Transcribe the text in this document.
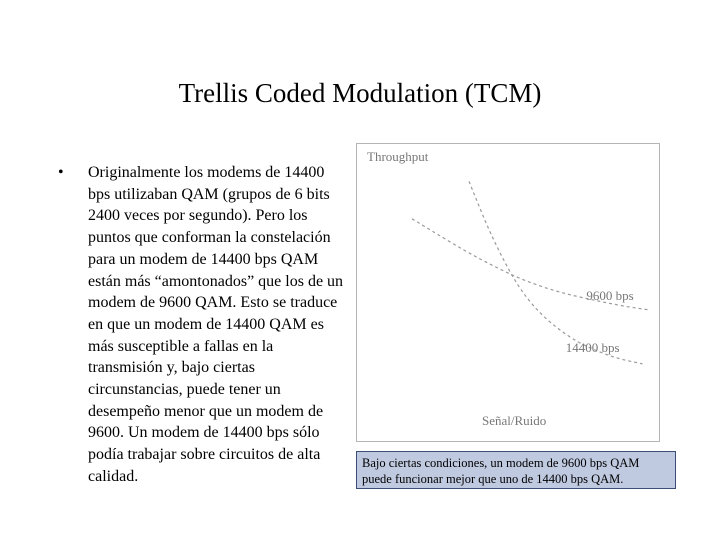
Trellis Coded Modulation (TCM)
•	Originalmente los modems de 14400 bps utilizaban QAM (grupos de 6 bits 2400 veces por segundo). Pero los puntos que conforman la constelación para un modem de 14400 bps QAM están más “amontonados” que los de un modem de 9600 QAM. Esto se traduce en que un modem de 14400 QAM es más susceptible a fallas en la transmisión y, bajo ciertas circunstancias, puede tener un desempeño menor que un modem de 9600. Un modem de 14400 bps sólo podía trabajar sobre circuitos de alta calidad.
Throughput
Señal/Ruido
9600 bps
14400 bps
Bajo ciertas condiciones, un modem de 9600 bps QAM puede funcionar mejor que uno de 14400 bps QAM.
